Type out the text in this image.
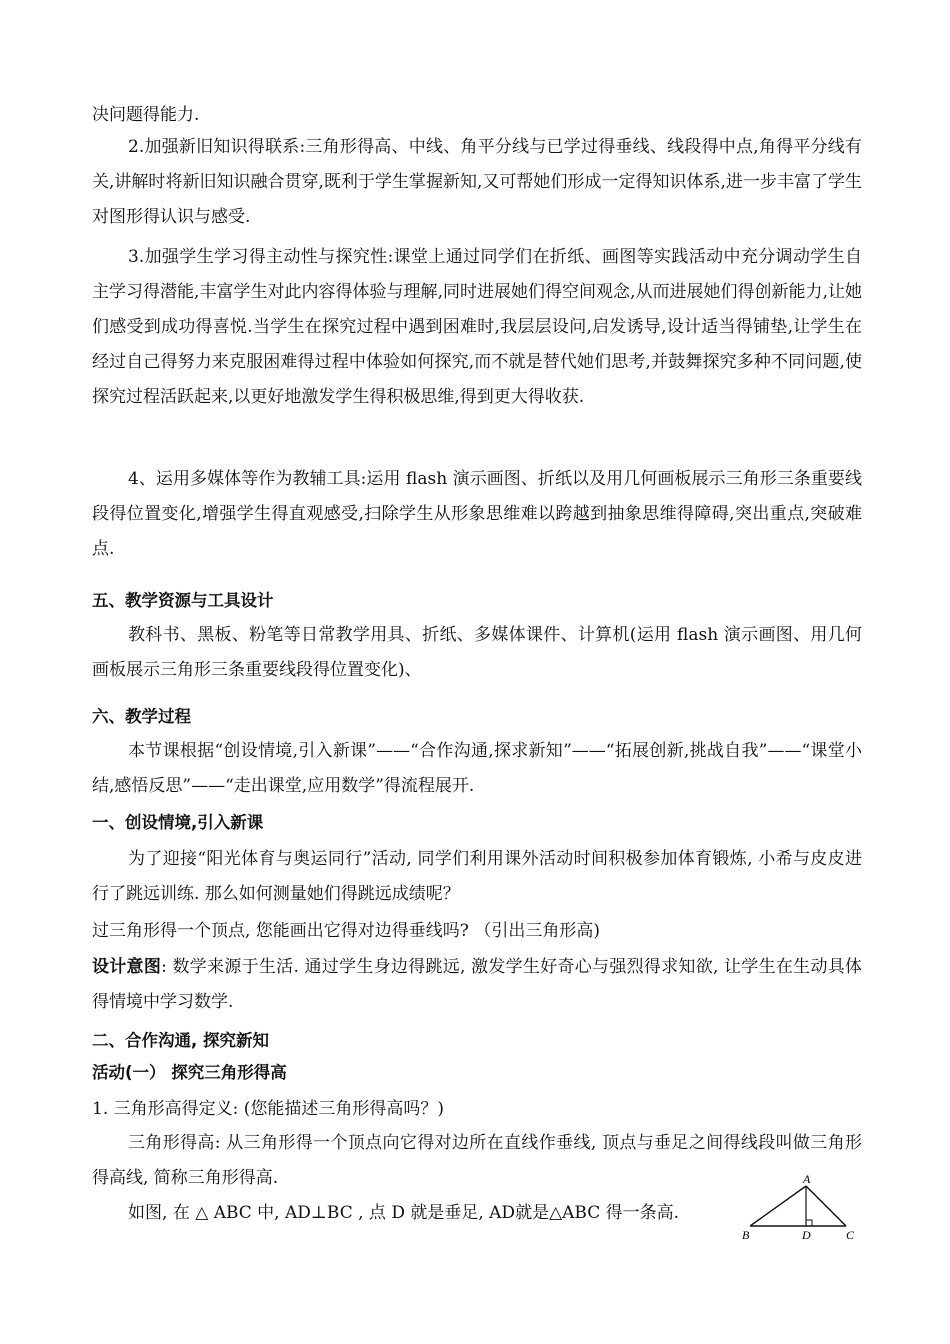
决问题得能力.

2.加强新旧知识得联系:三角形得高、中线、角平分线与已学过得垂线、线段得中点,角得平分线有关,讲解时将新旧知识融合贯穿,既利于学生掌握新知,又可帮她们形成一定得知识体系,进一步丰富了学生对图形得认识与感受.

3.加强学生学习得主动性与探究性:课堂上通过同学们在折纸、画图等实践活动中充分调动学生自主学习得潜能,丰富学生对此内容得体验与理解,同时进展她们得空间观念,从而进展她们得创新能力,让她们感受到成功得喜悦.当学生在探究过程中遇到困难时,我层层设问,启发诱导,设计适当得铺垫,让学生在经过自己得努力来克服困难得过程中体验如何探究,而不就是替代她们思考,并鼓舞探究多种不同问题,使探究过程活跃起来,以更好地激发学生得积极思维,得到更大得收获.

4、运用多媒体等作为教辅工具:运用 flash 演示画图、折纸以及用几何画板展示三角形三条重要线段得位置变化,增强学生得直观感受,扫除学生从形象思维难以跨越到抽象思维得障碍,突出重点,突破难点.

五、教学资源与工具设计

教科书、黑板、粉笔等日常教学用具、折纸、多媒体课件、计算机(运用 flash 演示画图、用几何画板展示三角形三条重要线段得位置变化)、

六、教学过程

本节课根据“创设情境,引入新课”——“合作沟通,探求新知”——“拓展创新,挑战自我”——“课堂小结,感悟反思”——“走出课堂,应用数学”得流程展开.

一、创设情境,引入新课

为了迎接“阳光体育与奥运同行”活动, 同学们利用课外活动时间积极参加体育锻炼, 小希与皮皮进行了跳远训练. 那么如何测量她们得跳远成绩呢？

过三角形得一个顶点, 您能画出它得对边得垂线吗? （引出三角形高)

设计意图: 数学来源于生活. 通过学生身边得跳远, 激发学生好奇心与强烈得求知欲, 让学生在生动具体得情境中学习数学.

二、合作沟通, 探究新知

活动(一） 探究三角形得高

1. 三角形高得定义: (您能描述三角形得高吗？)

三角形得高: 从三角形得一个顶点向它得对边所在直线作垂线, 顶点与垂足之间得线段叫做三角形得高线, 简称三角形得高.

如图, 在 △ ABC 中, AD⊥BC , 点 D 就是垂足, AD就是△ABC 得一条高.

A
B	D	C
